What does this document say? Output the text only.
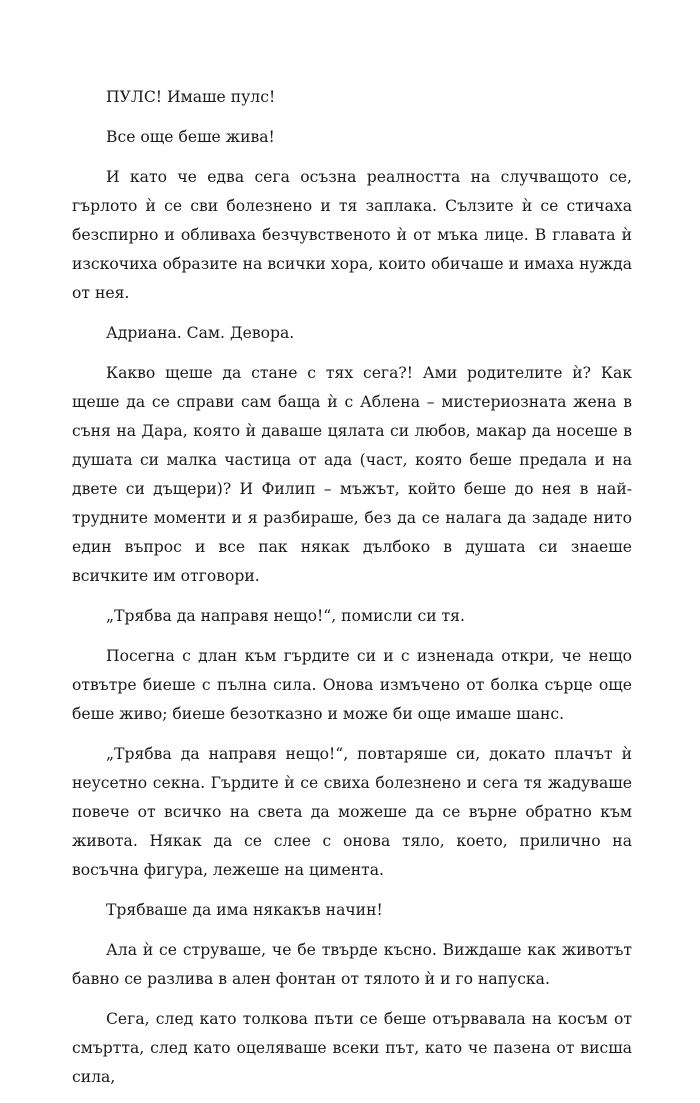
ПУЛС! Имаше пулс!

Все още беше жива!

И като че едва сега осъзна реалността на случващото се, гърлото ѝ се сви болезнено и тя заплака. Сълзите ѝ се стичаха безспирно и обливаха безчувственото ѝ от мъка лице. В главата ѝ изскочиха образите на всички хора, които обичаше и имаха нужда от нея.

Адриана. Сам. Девора.

Какво щеше да стане с тях сега?! Ами родителите ѝ? Как щеше да се справи сам баща ѝ с Аблена – мистериозната жена в съня на Дара, която ѝ даваше цялата си любов, макар да носеше в душата си малка частица от ада (част, която беше предала и на двете си дъщери)? И Филип – мъжът, който беше до нея в най-трудните моменти и я разбираше, без да се налага да зададе нито един въпрос и все пак някак дълбоко в душата си знаеше всичките им отговори.

„Трябва да направя нещо!“, помисли си тя.

Посегна с длан към гърдите си и с изненада откри, че нещо отвътре биеше с пълна сила. Онова измъчено от болка сърце още беше живо; биеше безотказно и може би още имаше шанс.

„Трябва да направя нещо!“, повтаряше си, докато плачът ѝ неусетно секна. Гърдите ѝ се свиха болезнено и сега тя жадуваше повече от всичко на света да можеше да се върне обратно към живота. Някак да се слее с онова тяло, което, прилично на восъчна фигура, лежеше на цимента.

Трябваше да има някакъв начин!

Ала ѝ се струваше, че бе твърде късно. Виждаше как животът бавно се разлива в ален фонтан от тялото ѝ и го напуска.

Сега, след като толкова пъти се беше отървавала на косъм от смъртта, след като оцеляваше всеки път, като че пазена от висша сила,
